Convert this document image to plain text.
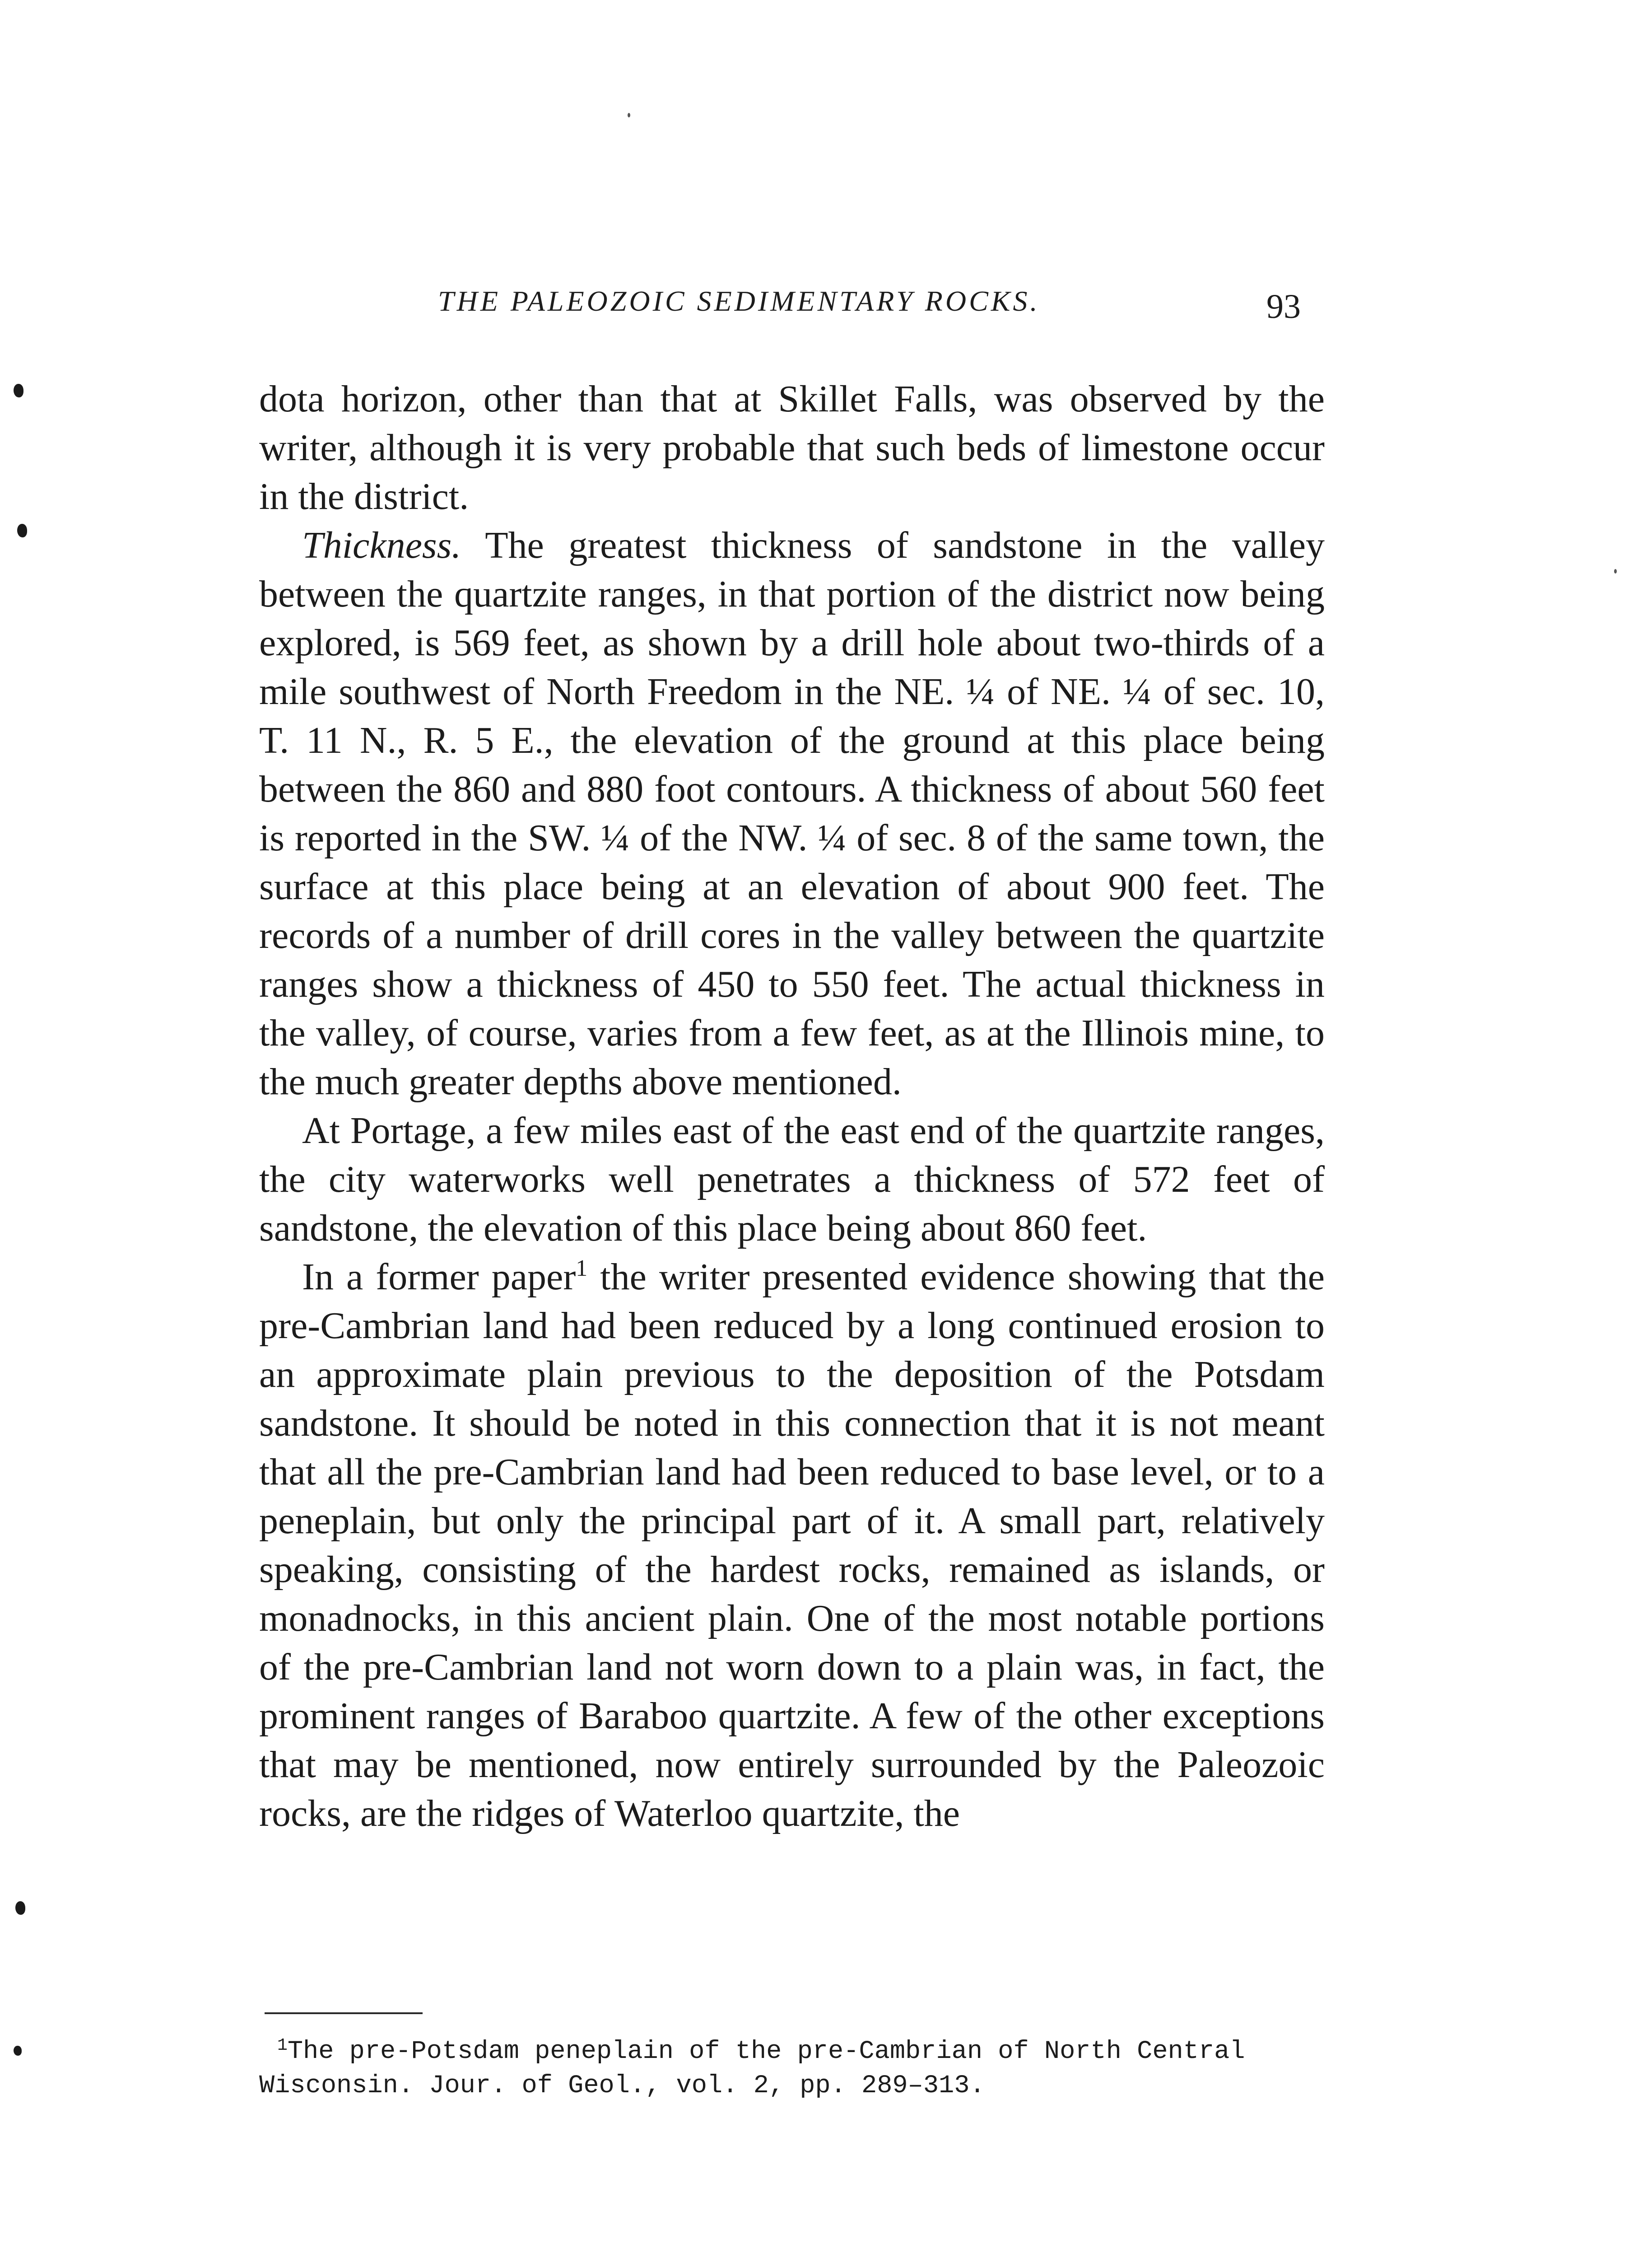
THE PALEOZOIC SEDIMENTARY ROCKS.	93

dota horizon, other than that at Skillet Falls, was observed by the writer, although it is very probable that such beds of limestone occur in the district.

Thickness. The greatest thickness of sandstone in the valley between the quartzite ranges, in that portion of the district now being explored, is 569 feet, as shown by a drill hole about two-thirds of a mile southwest of North Freedom in the NE. ¼ of NE. ¼ of sec. 10, T. 11 N., R. 5 E., the elevation of the ground at this place being between the 860 and 880 foot contours. A thickness of about 560 feet is reported in the SW. ¼ of the NW. ¼ of sec. 8 of the same town, the surface at this place being at an elevation of about 900 feet. The records of a number of drill cores in the valley between the quartzite ranges show a thickness of 450 to 550 feet. The actual thickness in the valley, of course, varies from a few feet, as at the Illinois mine, to the much greater depths above mentioned.

At Portage, a few miles east of the east end of the quartzite ranges, the city waterworks well penetrates a thickness of 572 feet of sandstone, the elevation of this place being about 860 feet.

In a former paper$^1$ the writer presented evidence showing that the pre-Cambrian land had been reduced by a long continued erosion to an approximate plain previous to the deposition of the Potsdam sandstone. It should be noted in this connection that it is not meant that all the pre-Cambrian land had been reduced to base level, or to a peneplain, but only the principal part of it. A small part, relatively speaking, consisting of the hardest rocks, remained as islands, or monadnocks, in this ancient plain. One of the most notable portions of the pre-Cambrian land not worn down to a plain was, in fact, the prominent ranges of Baraboo quartzite. A few of the other exceptions that may be mentioned, now entirely surrounded by the Paleozoic rocks, are the ridges of Waterloo quartzite, the

$^1$The pre-Potsdam peneplain of the pre-Cambrian of North Central Wisconsin. Jour. of Geol., vol. 2, pp. 289–313.
